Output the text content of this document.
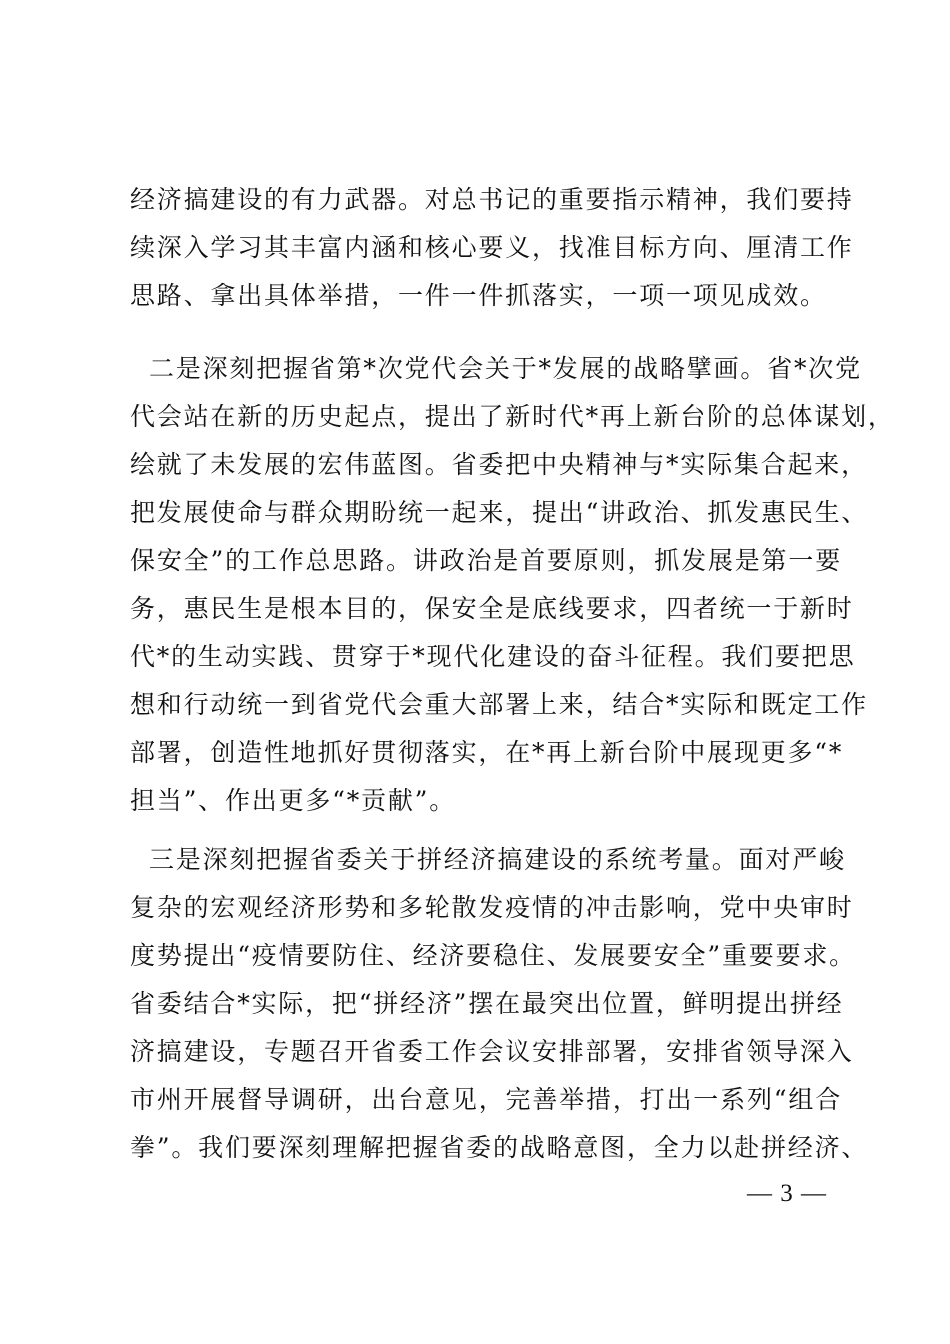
经济搞建设的有力武器。对总书记的重要指示精神，我们要持
续深入学习其丰富内涵和核心要义，找准目标方向、厘清工作
思路、拿出具体举措，一件一件抓落实，一项一项见成效。
二是深刻把握省第*次党代会关于*发展的战略擘画。省*次党
代会站在新的历史起点，提出了新时代*再上新台阶的总体谋划，
绘就了未发展的宏伟蓝图。省委把中央精神与*实际集合起来，
把发展使命与群众期盼统一起来，提出“讲政治、抓发惠民生、
保安全”的工作总思路。讲政治是首要原则，抓发展是第一要
务，惠民生是根本目的，保安全是底线要求，四者统一于新时
代*的生动实践、贯穿于*现代化建设的奋斗征程。我们要把思
想和行动统一到省党代会重大部署上来，结合*实际和既定工作
部署，创造性地抓好贯彻落实，在*再上新台阶中展现更多“*
担当”、作出更多“*贡献”。
三是深刻把握省委关于拼经济搞建设的系统考量。面对严峻
复杂的宏观经济形势和多轮散发疫情的冲击影响，党中央审时
度势提出“疫情要防住、经济要稳住、发展要安全”重要要求。
省委结合*实际，把“拼经济”摆在最突出位置，鲜明提出拼经
济搞建设，专题召开省委工作会议安排部署，安排省领导深入
市州开展督导调研，出台意见，完善举措，打出一系列“组合
拳”。我们要深刻理解把握省委的战略意图，全力以赴拼经济、
— 3 —
